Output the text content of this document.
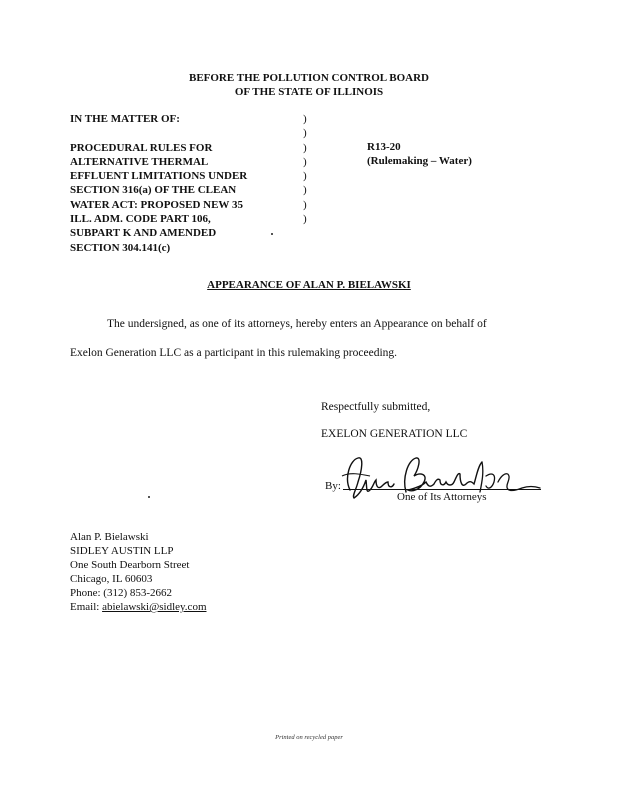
BEFORE THE POLLUTION CONTROL BOARD
OF THE STATE OF ILLINOIS
IN THE MATTER OF:
PROCEDURAL RULES FOR
ALTERNATIVE THERMAL
EFFLUENT LIMITATIONS UNDER
SECTION 316(a) OF THE CLEAN
WATER ACT: PROPOSED NEW 35
ILL. ADM. CODE PART 106,
SUBPART K AND AMENDED
SECTION 304.141(c)
)
)
)
)
)
)
)
)
R13-20
(Rulemaking – Water)
APPEARANCE OF ALAN P. BIELAWSKI
The undersigned, as one of its attorneys, hereby enters an Appearance on behalf of
Exelon Generation LLC as a participant in this rulemaking proceeding.
Respectfully submitted,
EXELON GENERATION LLC
By:
One of Its Attorneys
Alan P. Bielawski
SIDLEY AUSTIN LLP
One South Dearborn Street
Chicago, IL 60603
Phone: (312) 853-2662
Email: abielawski@sidley.com
Printed on recycled paper
